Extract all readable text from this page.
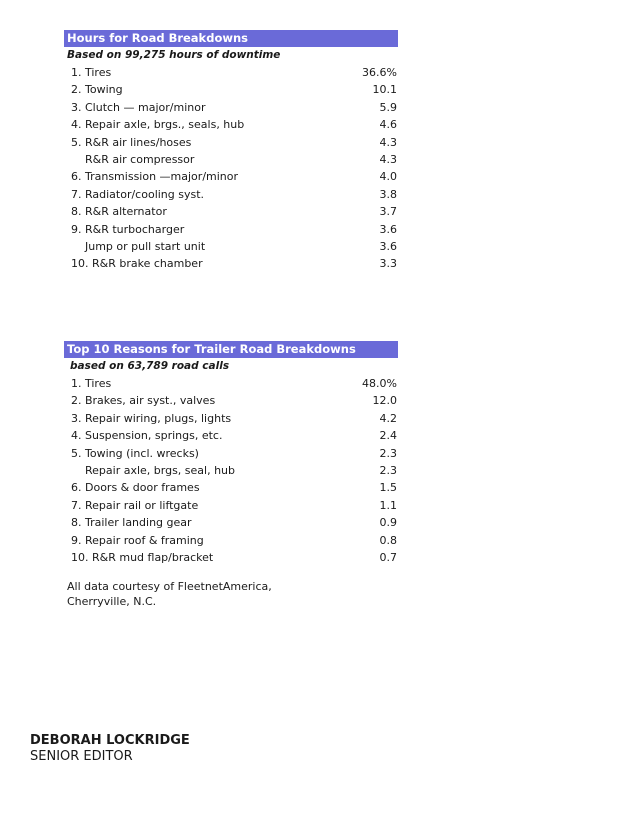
Hours for Road Breakdowns
Based on 99,275 hours of downtime
1. Tires	36.6%
2. Towing	10.1
3. Clutch — major/minor	5.9
4. Repair axle, brgs., seals, hub	4.6
5. R&R air lines/hoses	4.3
R&R air compressor	4.3
6. Transmission —major/minor	4.0
7. Radiator/cooling syst.	3.8
8. R&R alternator	3.7
9. R&R turbocharger	3.6
Jump or pull start unit	3.6
10. R&R brake chamber	3.3
Top 10 Reasons for Trailer Road Breakdowns
based on 63,789 road calls
1. Tires	48.0%
2. Brakes, air syst., valves	12.0
3. Repair wiring, plugs, lights	4.2
4. Suspension, springs, etc.	2.4
5. Towing (incl. wrecks)	2.3
Repair axle, brgs, seal, hub	2.3
6. Doors & door frames	1.5
7. Repair rail or liftgate	1.1
8. Trailer landing gear	0.9
9. Repair roof & framing	0.8
10. R&R mud flap/bracket	0.7
All data courtesy of FleetnetAmerica,
Cherryville, N.C.
DEBORAH LOCKRIDGE
SENIOR EDITOR
